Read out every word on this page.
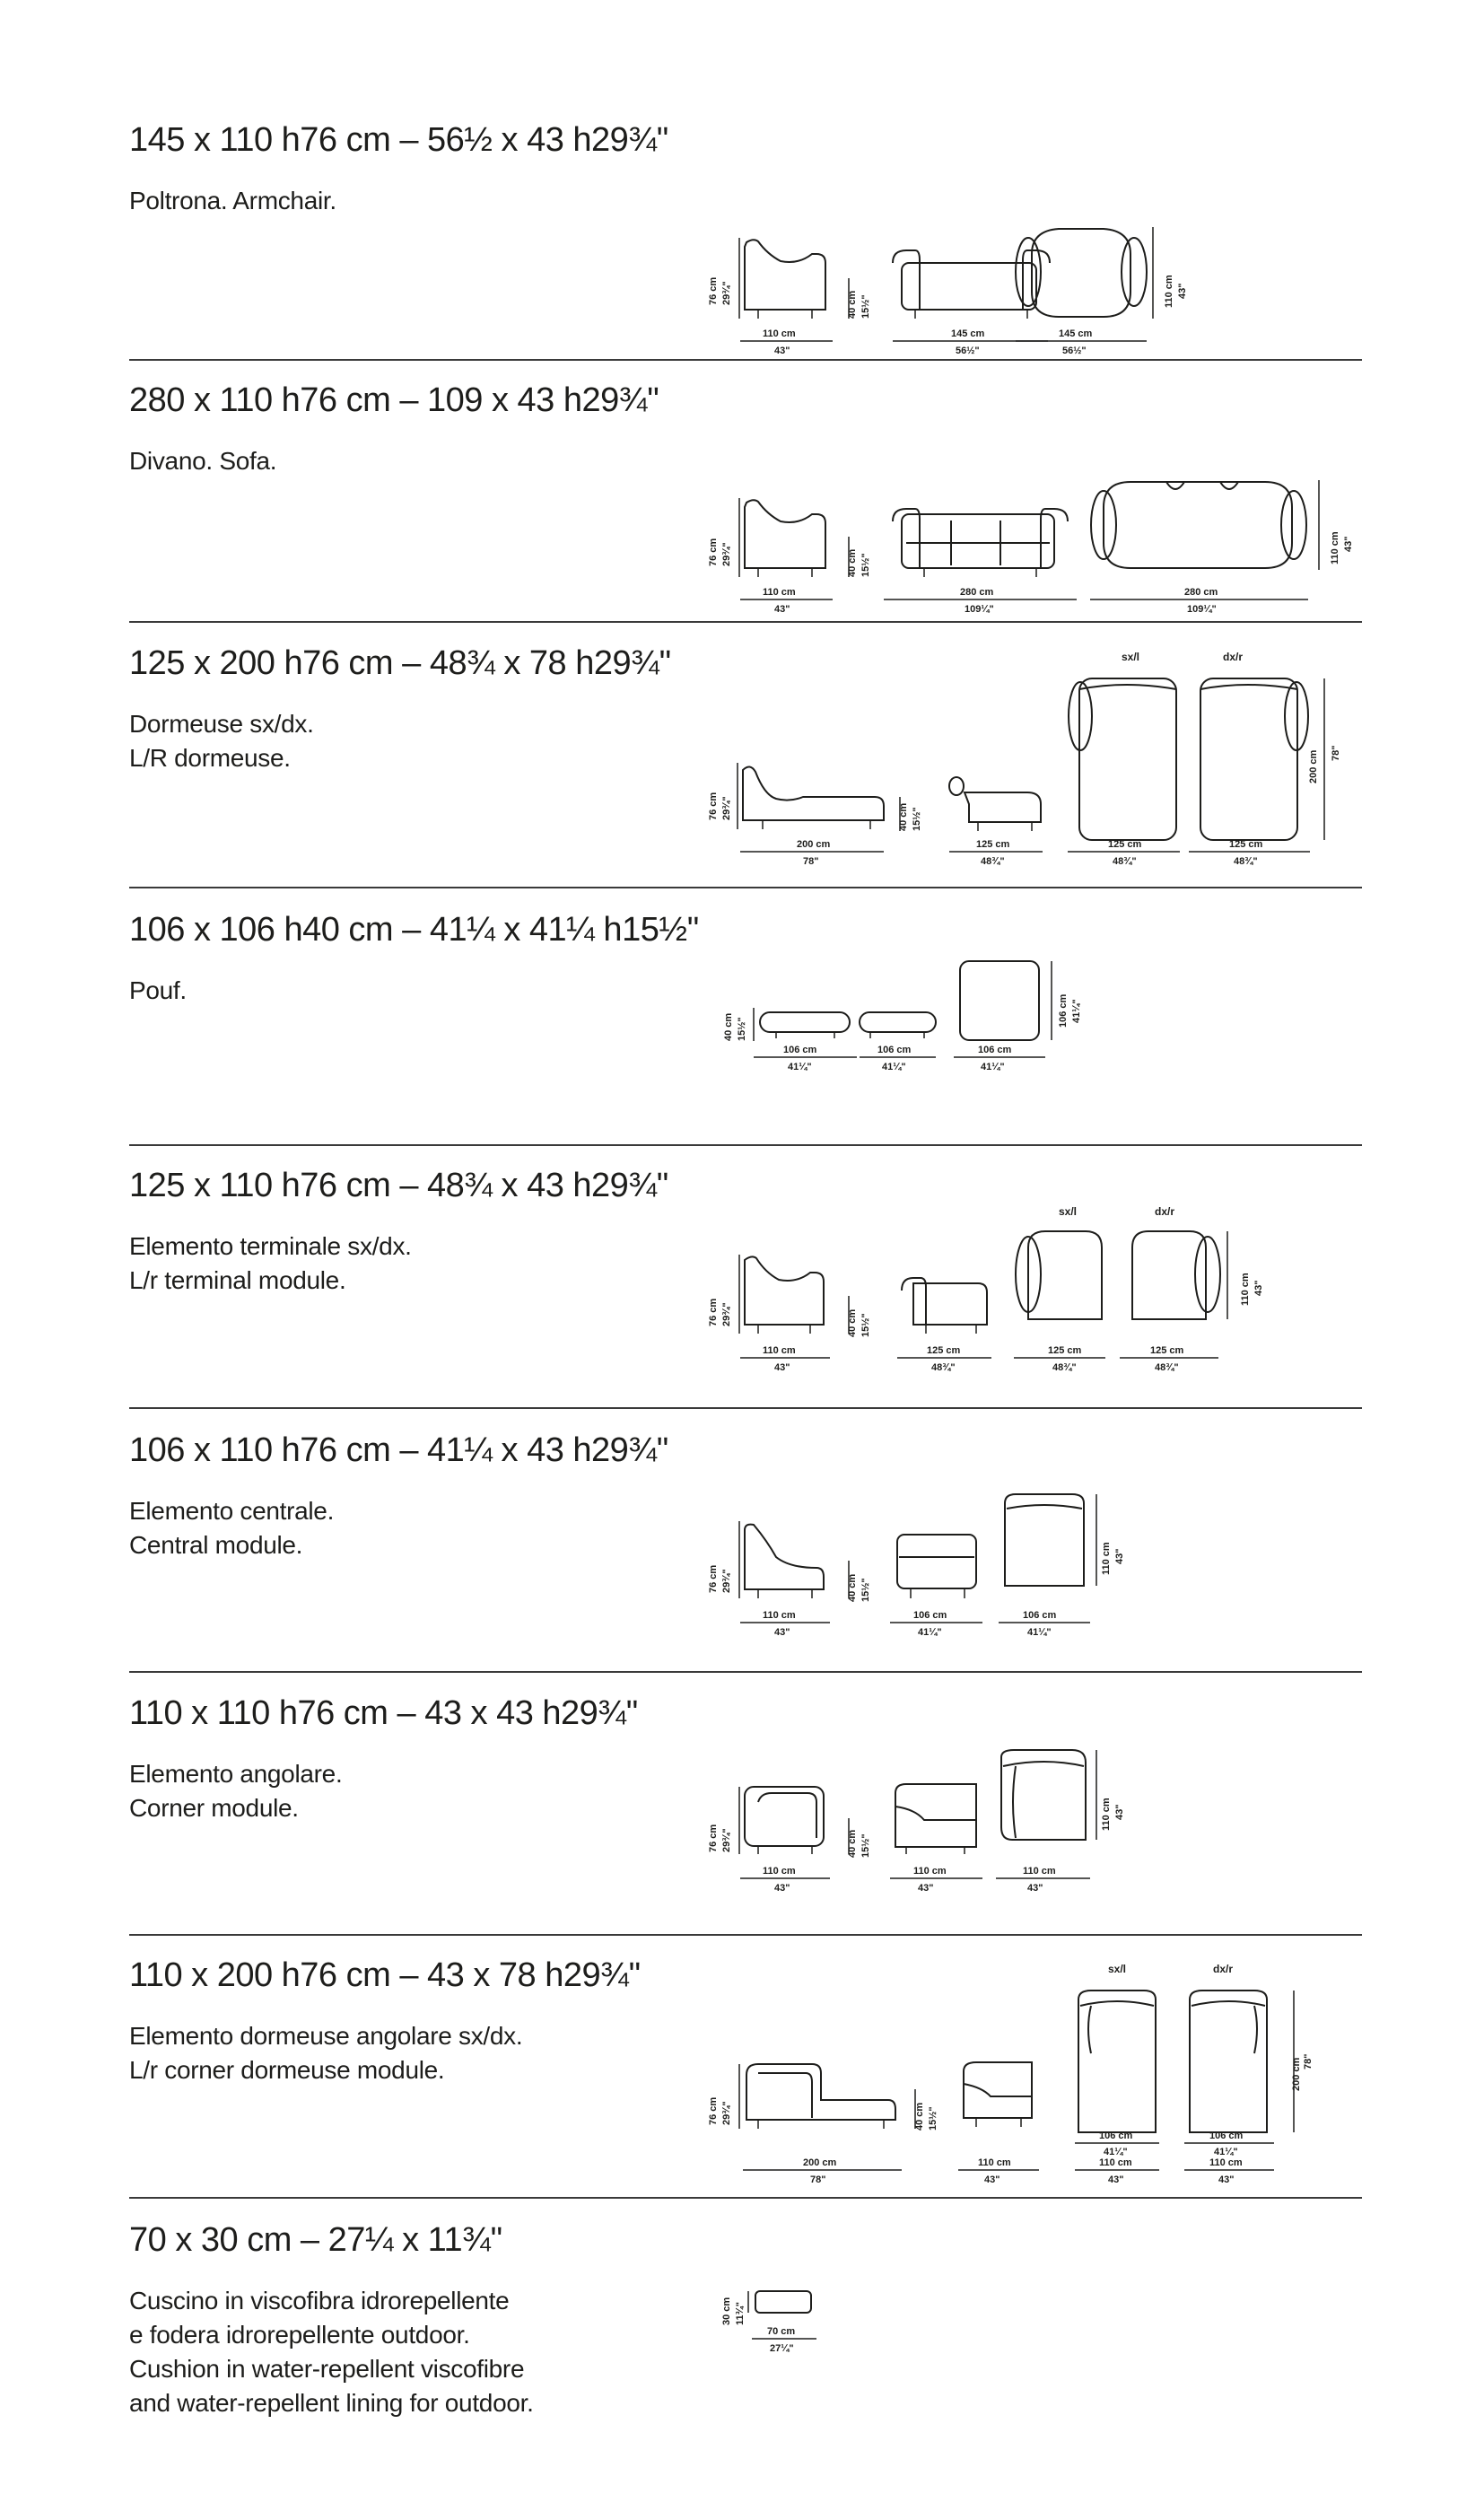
145 x 110 h76 cm – 56½ x 43 h29¾''
Poltrona. Armchair.
76 cm 29¾"
110 cm
43"
40 cm 15½"
145 cm
56½"
110 cm 43"
145 cm
56½"
280 x 110 h76 cm – 109 x 43 h29¾''
Divano. Sofa.
76 cm 29¾"
110 cm
43"
40 cm 15½"
280 cm
109¼"
110 cm 43"
280 cm
109¼"
125 x 200 h76 cm – 48¾ x 78 h29¾''
Dormeuse sx/dx.
L/R dormeuse.
76 cm 29¾"
200 cm
78"
40 cm 15½"
125 cm
48¾"
sx/l
125 cm
48¾"
dx/r
200 cm 78"
125 cm
48¾"
106 x 106 h40 cm – 41¼ x 41¼ h15½''
Pouf.
40 cm 15½"
106 cm
41¼"
106 cm
41¼"
106 cm 41¼"
106 cm
41¼"
125 x 110 h76 cm – 48¾ x 43 h29¾''
Elemento terminale sx/dx.
L/r terminal module.
76 cm 29¾"
110 cm
43"
40 cm 15½"
125 cm
48¾"
sx/l
125 cm
48¾"
dx/r
110 cm 43"
125 cm
48¾"
106 x 110 h76 cm – 41¼ x 43 h29¾''
Elemento centrale.
Central module.
76 cm 29¾"
110 cm
43"
40 cm 15½"
106 cm
41¼"
110 cm 43"
106 cm
41¼"
110 x 110 h76 cm – 43 x 43 h29¾''
Elemento angolare.
Corner module.
76 cm 29¾"
110 cm
43"
40 cm 15½"
110 cm
43"
110 cm 43"
110 cm
43"
110 x 200 h76 cm – 43 x 78 h29¾''
Elemento dormeuse angolare sx/dx.
L/r corner dormeuse module.
76 cm 29¾"
200 cm
78"
40 cm 15½"
110 cm
43"
sx/l
106 cm
41¼"
110 cm
43"
dx/r
200 cm 78"
106 cm
41¼"
110 cm
43"
70 x 30 cm – 27¼ x 11¾''
Cuscino in viscofibra idrorepellente
e fodera idrorepellente outdoor.
Cushion in water-repellent viscofibre
and water-repellent lining for outdoor.
30 cm 11¾"
70 cm
27¼"
